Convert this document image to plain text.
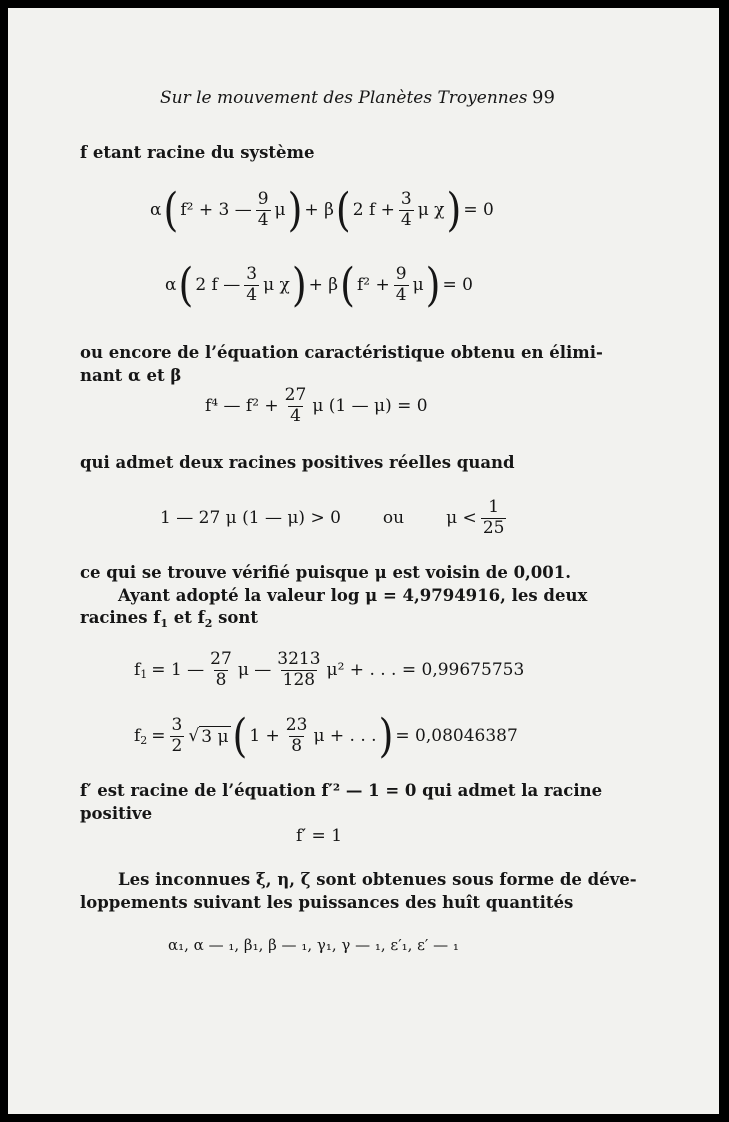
Sur le mouvement des Planètes Troyennes 99
f etant racine du système
α ( f² + 3 — $\frac{9}{4}$ μ ) + β ( 2 $f + \frac{3}{4}$ μ χ ) = 0
α ( 2 f — $\frac{3}{4}$ μ χ ) + β ( $f^2 + \frac{9}{4}$ μ ) = 0
ou encore de l’équation caractéristique obtenu en élimi-
nant α et β
f⁴ — $f^2 + \frac{27}{4}$ μ (1 — μ) = 0
qui admet deux racines positives réelles quand
1 — 27 μ (1 — μ) > 0 ou $\mu < \frac{1}{25}$
ce qui se trouve vérifié puisque μ est voisin de 0,001.
Ayant adopté la valeur log μ = 4,9794916, les deux
racines $f_1$ et $f_2$ sont
f 1 = 1 — $\frac{27}{8}$ μ — $\frac{3213}{128} \mu^2$ + . . . = 0,99675753
f $2 = \frac{3}{2}$ √ 3 μ ( $1 + \frac{23}{8}$ μ + . . . ) = 0,08046387
f′ est racine de l’équation f′² — 1 = 0 qui admet la racine
positive
f′ = 1
Les inconnues ξ, η, ζ sont obtenues sous forme de déve-
loppements suivant les puissances des huît quantités
α₁, α — ₁, β₁, β — ₁, γ₁, γ — ₁, ε′₁, ε′ — ₁
